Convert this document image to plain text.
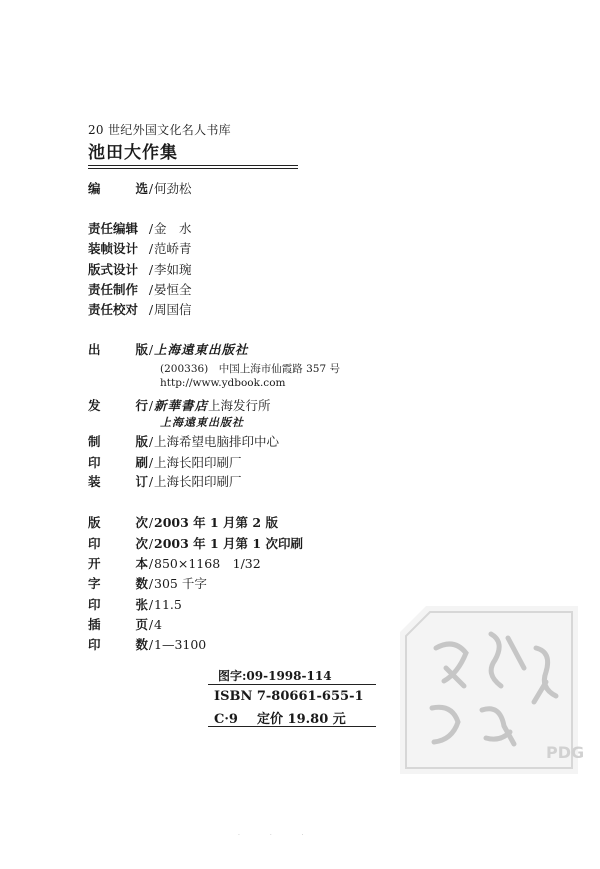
20 世纪外国文化名人书库
池田大作集
编	选 / 何劲松
责任编辑 / 金　水
装帧设计 / 范峤青
版式设计 / 李如琬
责任制作 / 晏恒全
责任校对 / 周国信
出	版 / 上海遠東出版社
(200336)　中国上海市仙霞路 357 号
http://www.ydbook.com
发	行 / 新華書店 上海发行所
上海遠東出版社
制	版 / 上海希望电脑排印中心
印	刷 / 上海长阳印刷厂
装	订 / 上海长阳印刷厂
版	次 / 2003 年 1 月第 2 版
印	次 / 2003 年 1 月第 1 次印刷
开	本 / 850×1168　1/32
字	数 / 305 千字
印	张 / 11.5
插	页 / 4
印	数 / 1—3100
图字:09-1998-114
ISBN 7-80661-655-1
C·9 定价 19.80 元
PDG
· · ·
